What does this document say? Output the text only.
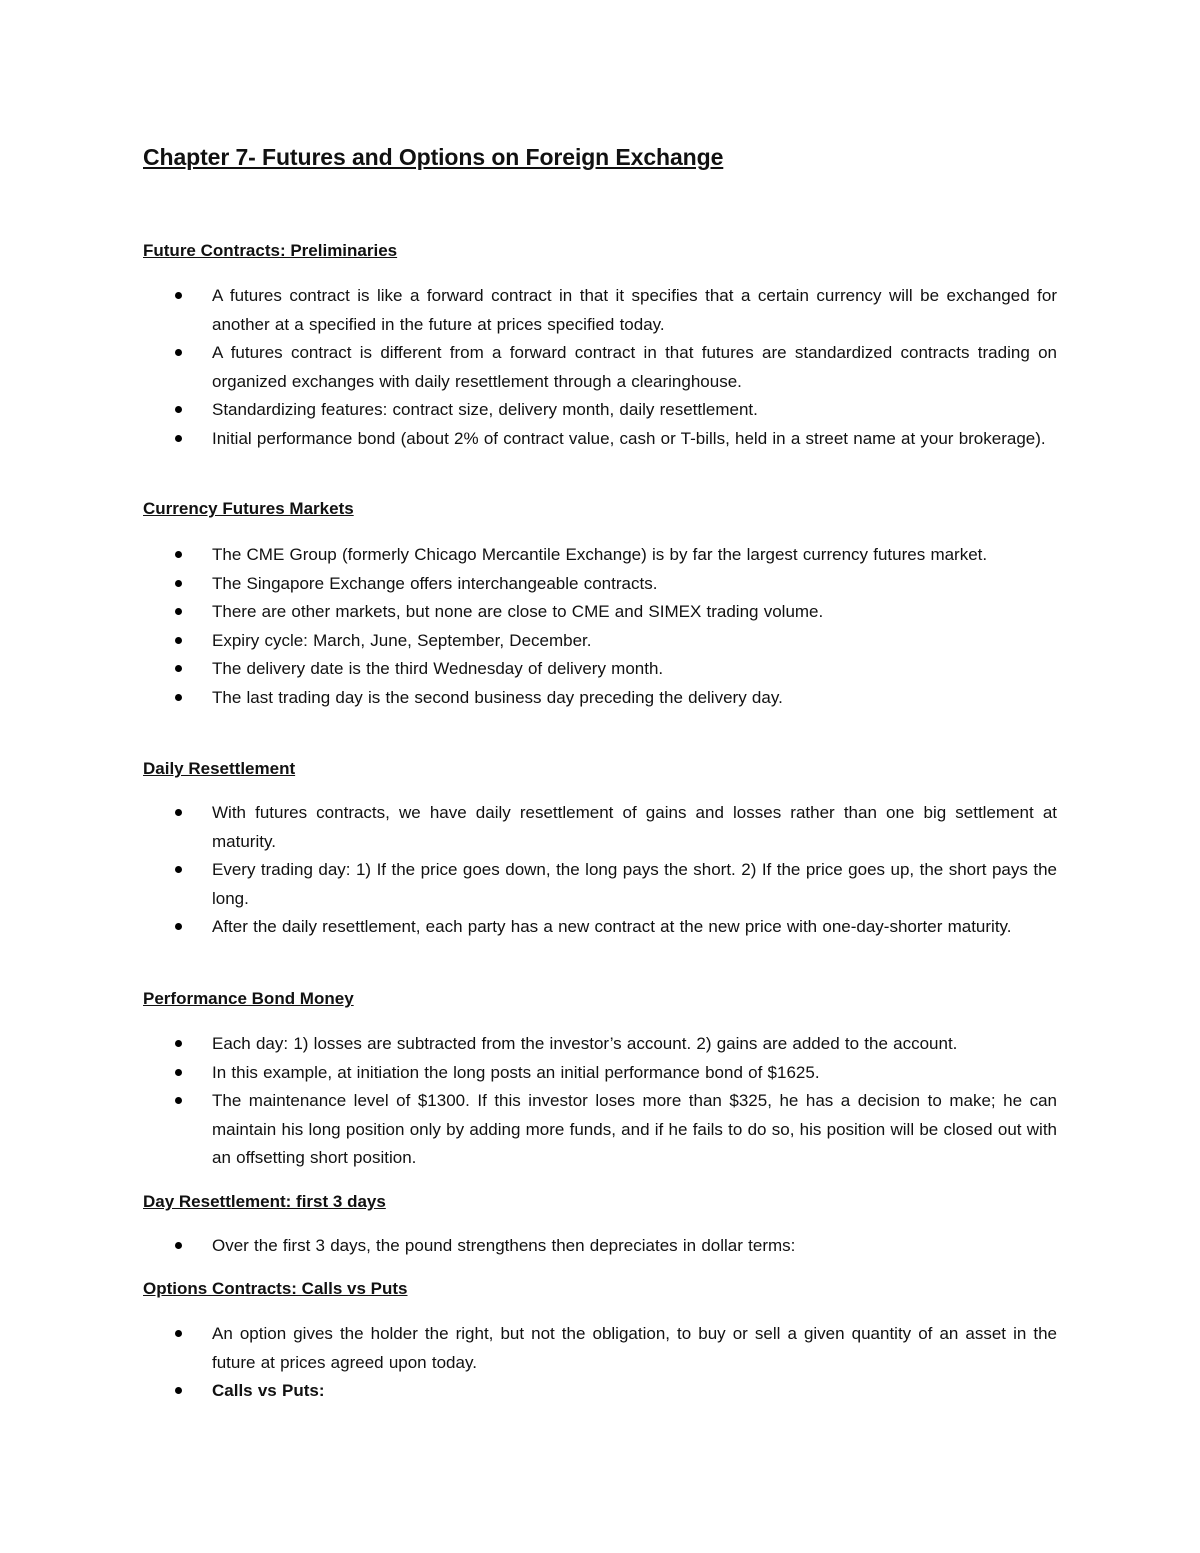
Chapter 7- Futures and Options on Foreign Exchange
Future Contracts: Preliminaries
A futures contract is like a forward contract in that it specifies that a certain currency will be exchanged for another at a specified in the future at prices specified today.
A futures contract is different from a forward contract in that futures are standardized contracts trading on organized exchanges with daily resettlement through a clearinghouse.
Standardizing features: contract size, delivery month, daily resettlement.
Initial performance bond (about 2% of contract value, cash or T-bills, held in a street name at your brokerage).
Currency Futures Markets
The CME Group (formerly Chicago Mercantile Exchange) is by far the largest currency futures market.
The Singapore Exchange offers interchangeable contracts.
There are other markets, but none are close to CME and SIMEX trading volume.
Expiry cycle: March, June, September, December.
The delivery date is the third Wednesday of delivery month.
The last trading day is the second business day preceding the delivery day.
Daily Resettlement
With futures contracts, we have daily resettlement of gains and losses rather than one big settlement at maturity.
Every trading day: 1) If the price goes down, the long pays the short. 2) If the price goes up, the short pays the long.
After the daily resettlement, each party has a new contract at the new price with one-day-shorter maturity.
Performance Bond Money
Each day: 1) losses are subtracted from the investor’s account. 2) gains are added to the account.
In this example, at initiation the long posts an initial performance bond of $1625.
The maintenance level of $1300. If this investor loses more than $325, he has a decision to make; he can maintain his long position only by adding more funds, and if he fails to do so, his position will be closed out with an offsetting short position.
Day Resettlement: first 3 days
Over the first 3 days, the pound strengthens then depreciates in dollar terms:
Options Contracts: Calls vs Puts
An option gives the holder the right, but not the obligation, to buy or sell a given quantity of an asset in the future at prices agreed upon today.
Calls vs Puts:
